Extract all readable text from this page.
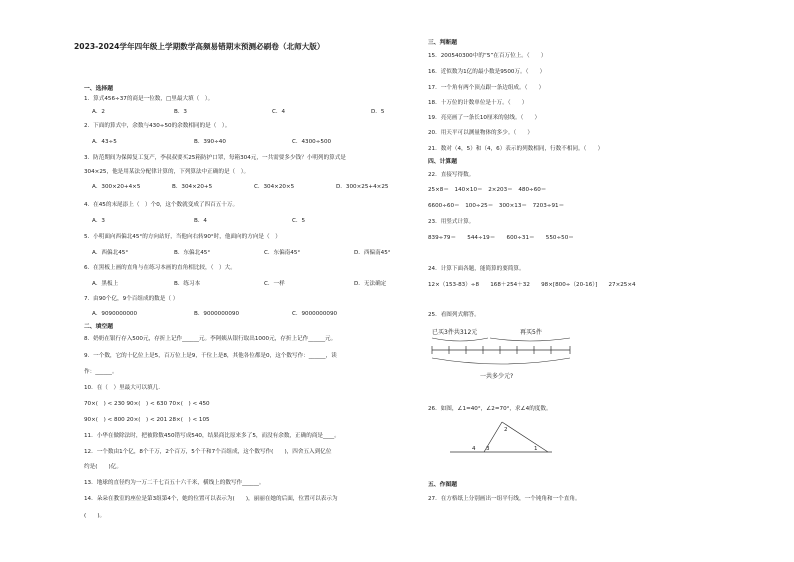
2023-2024学年四年级上学期数学高频易错期末预测必刷卷（北师大版）
一、选择题
1．算式456÷37的商是一位数，□里最大填（　）。
A．2	B．3	C．4	D．5
2．下面的算式中，余数与430÷50的余数相同的是（　）。
A．43÷5	B．390÷40	C．4300÷500
3．防范期间为保障复工复产，李叔叔要买25箱防护口罩，每箱304元，一共需要多少钱？小明列的算式是
304×25，他是用某法分配律计算的，下列算法中正确的是（　）。
A．300×20+4×5	B．304×20+5	C．304×20×5	D．300×25+4×25
4．在45的末尾添上（　）个0，这个数就变成了四百五十万。
A．3	B．4	C．5
5．小明面向西偏北45°的方向站好，当他向右转90°时，他面向的方向是（　）
A．西偏北45°	B．东偏北45°	C．东偏南45°	D．西偏南45°
6．在黑板上画的直角与在练习本画的直角相比较，（　）大。
A．黑板上	B．练习本	C．一样	D．无法确定
7．由90个亿，9个百组成的数是（ ）
A．9090000000	B．9000000090	C．9000000090
二、填空题
8．奶奶在银行存入500元，存折上记作______元。李阿姨从银行取出1000元，存折上记作______元。
9．一个数，它的十亿位上是5，百万位上是9，千位上是8，其他各位都是0，这个数写作：______，读
作：______。
10．在（　）里最大可以填几.
70×(　) < 230 90×(　) < 630 70×(　) < 450
90×(　) < 800 20×(　) < 201 28×(　) < 105
11．小华在做除法时，把被除数450错写成540，结果商比原来多了5，而没有余数，正确的商是____。
12．一个数由1个亿，8个千万，2个百万，5个千和7个百组成，这个数写作(　　)，四舍五入到亿位
约是(　　)亿。
13．地球的直径约为一万二千七百五十六千米，横线上的数写作______。
14．朵朵在教室的座位是第3组第4个，她的位置可以表示为(　　)，丽丽在她的后面，位置可以表示为
(　　)。
三、判断题
15．200540300中的“5”在百万位上。（　　）
16．近似数为1亿的最小数是9500万。（　　）
17．一个角有两个顶点跟一条边组成。（　　）
18．十万位的计数单位是十万。（　　）
19．亮亮画了一条长10厘米的射线。（　　）
20．用天平可以测量物体的多少。（　　）
21．数对（4，5）和（4，6）表示的列数相同，行数不相同。（　　）
四、计算题
22．直接写得数。
25×8＝　140×10＝　2×203＝　480÷60＝
6600÷60＝　100÷25＝　300×13＝　7203÷91＝
23．用竖式计算。
839÷79＝　　544÷19＝　　600÷31＝　　550÷50＝
24．计算下面各题，能简算的要简算。
12×（153-83）÷8　　168＋254＋32　　98×[800÷（20-16）]　　27×25×4
25．看图列式解答。
已买3件共312元	再买5件
一共多少元?
26．如图，∠1=40°，∠2=70°，求∠4的度数。
2
4 3	1
五、作图题
27．在方格纸上分别画出一组平行线，一个钝角和一个直角。
